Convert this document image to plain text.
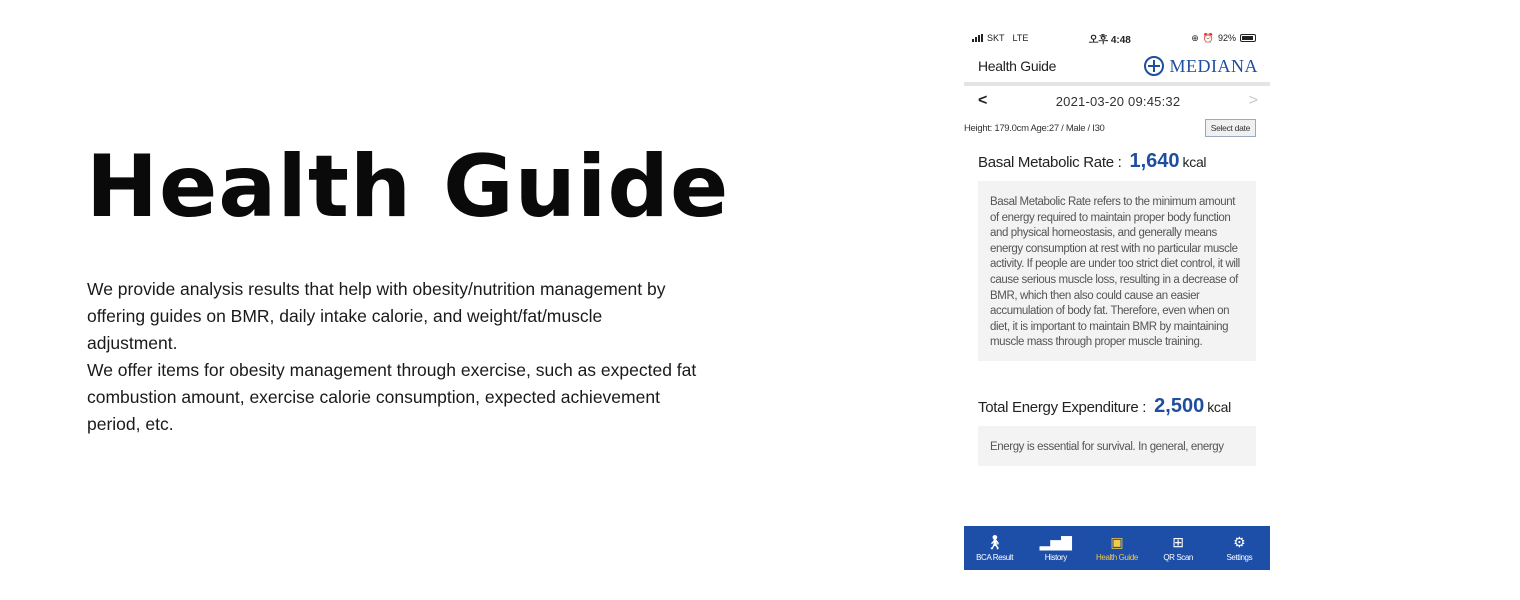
Health Guide

We provide analysis results that help with obesity/nutrition management by offering guides on BMR, daily intake calorie, and weight/fat/muscle adjustment.

We offer items for obesity management through exercise, such as expected fat combustion amount, exercise calorie consumption, expected achievement period, etc.

SKT LTE	오후 4:48	⊕ ⏰ 92%
Health Guide	MEDIANA
<	2021-03-20 09:45:32	>
Height: 179.0cm Age:27 / Male / I30	Select date
Basal Metabolic Rate : 1,640 kcal
Basal Metabolic Rate refers to the minimum amount of energy required to maintain proper body function and physical homeostasis, and generally means energy consumption at rest with no particular muscle activity. If people are under too strict diet control, it will cause serious muscle loss, resulting in a decrease of BMR, which then also could cause an easier accumulation of body fat. Therefore, even when on diet, it is important to maintain BMR by maintaining muscle mass through proper muscle training.
Total Energy Expenditure : 2,500 kcal
Energy is essential for survival. In general, energy
🚶︎
BCA Result
▂▅▇
History
▣
Health Guide
⊞
QR Scan
⚙
Settings
